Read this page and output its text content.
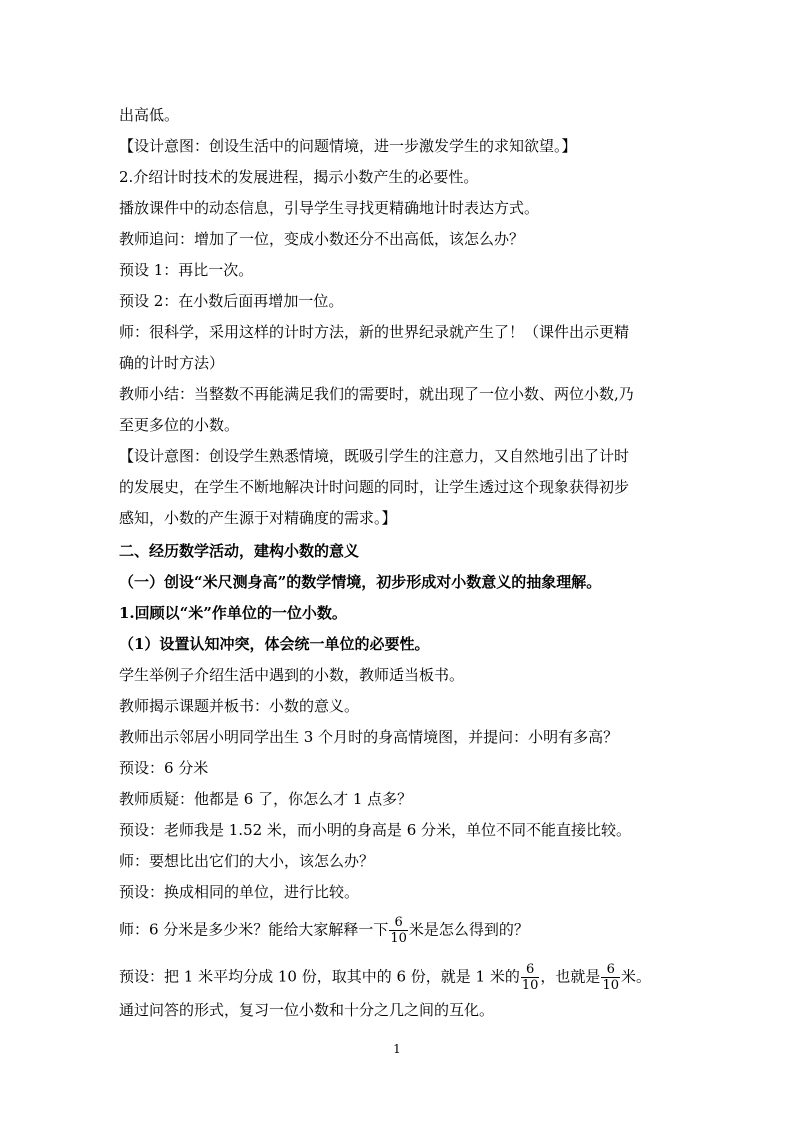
出高低。
【设计意图：创设生活中的问题情境，进一步激发学生的求知欲望。】
2.介绍计时技术的发展进程，揭示小数产生的必要性。
播放课件中的动态信息，引导学生寻找更精确地计时表达方式。
教师追问：增加了一位，变成小数还分不出高低，该怎么办？
预设 1：再比一次。
预设 2：在小数后面再增加一位。
师：很科学，采用这样的计时方法，新的世界纪录就产生了！（课件出示更精
确的计时方法）
教师小结：当整数不再能满足我们的需要时，就出现了一位小数、两位小数,乃
至更多位的小数。
【设计意图：创设学生熟悉情境，既吸引学生的注意力，又自然地引出了计时
的发展史，在学生不断地解决计时问题的同时，让学生透过这个现象获得初步
感知，小数的产生源于对精确度的需求。】
二、经历数学活动，建构小数的意义
（一）创设“米尺测身高”的数学情境，初步形成对小数意义的抽象理解。
1.回顾以“米”作单位的一位小数。
（1）设置认知冲突，体会统一单位的必要性。
学生举例子介绍生活中遇到的小数，教师适当板书。
教师揭示课题并板书：小数的意义。
教师出示邻居小明同学出生 3 个月时的身高情境图，并提问：小明有多高？
预设：6 分米
教师质疑：他都是 6 了，你怎么才 1 点多？
预设：老师我是 1.52 米，而小明的身高是 6 分米，单位不同不能直接比较。
师：要想比出它们的大小，该怎么办？
预设：换成相同的单位，进行比较。
师：6 分米是多少米？能给大家解释一下 $\frac{6}{10}$ 米是怎么得到的？
预设：把 1 米平均分成 10 份，取其中的 6 份，就是 1 米的 $\frac{6}{10}$ ，也就是 $\frac{6}{10}$ 米。
通过问答的形式，复习一位小数和十分之几之间的互化。
1
